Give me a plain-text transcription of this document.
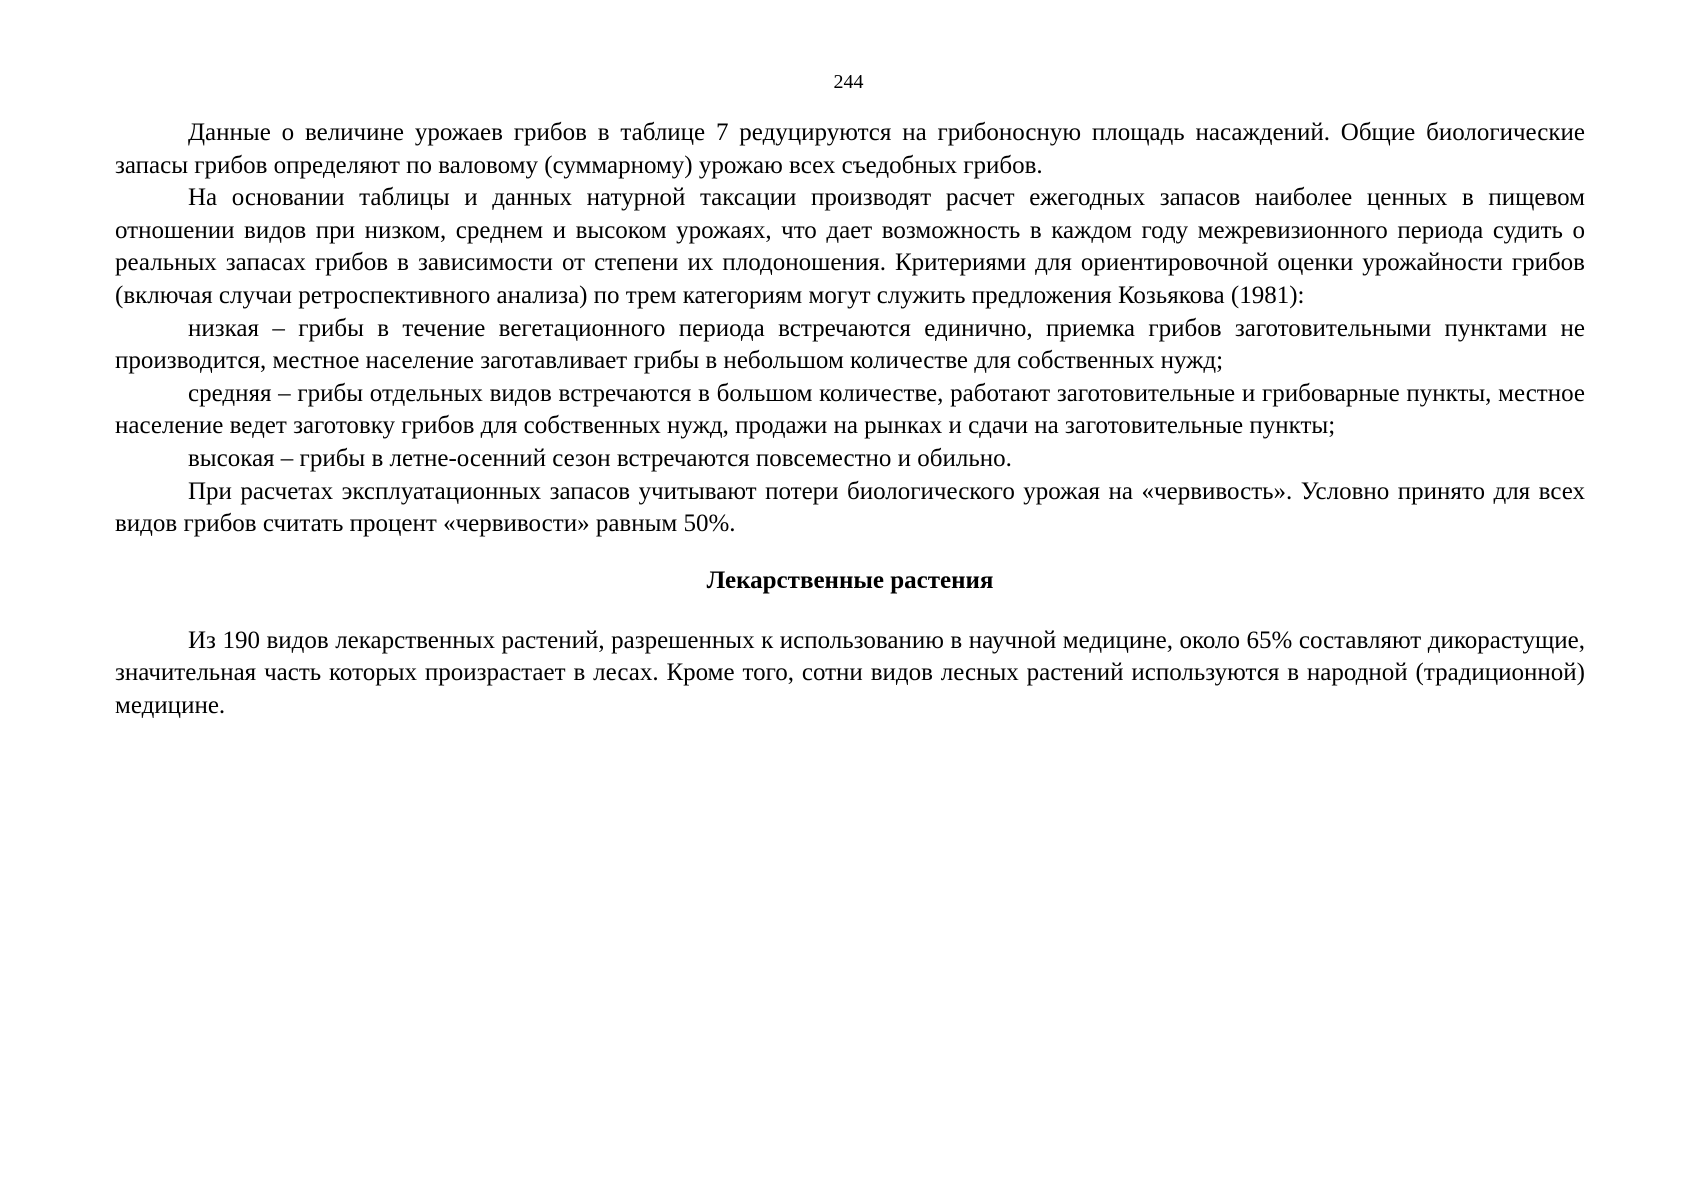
244

Данные о величине урожаев грибов в таблице 7 редуцируются на грибоносную площадь насаждений. Общие биологические запасы грибов определяют по валовому (суммарному) урожаю всех съедобных грибов.

На основании таблицы и данных натурной таксации производят расчет ежегодных запасов наиболее ценных в пищевом отношении видов при низком, среднем и высоком урожаях, что дает возможность в каждом году межревизионного периода судить о реальных запасах грибов в зависимости от степени их плодоношения. Критериями для ориентировочной оценки урожайности грибов (включая случаи ретроспективного анализа) по трем категориям могут служить предложения Козьякова (1981):

низкая – грибы в течение вегетационного периода встречаются единично, приемка грибов заготовительными пунктами не производится, местное население заготавливает грибы в небольшом количестве для собственных нужд;

средняя – грибы отдельных видов встречаются в большом количестве, работают заготовительные и грибоварные пункты, местное население ведет заготовку грибов для собственных нужд, продажи на рынках и сдачи на заготовительные пункты;

высокая – грибы в летне-осенний сезон встречаются повсеместно и обильно.

При расчетах эксплуатационных запасов учитывают потери биологического урожая на «червивость». Условно принято для всех видов грибов считать процент «червивости» равным 50%.

Лекарственные растения

Из 190 видов лекарственных растений, разрешенных к использованию в научной медицине, около 65% составляют дикорастущие, значительная часть которых произрастает в лесах. Кроме того, сотни видов лесных растений используются в народной (традиционной) медицине.
